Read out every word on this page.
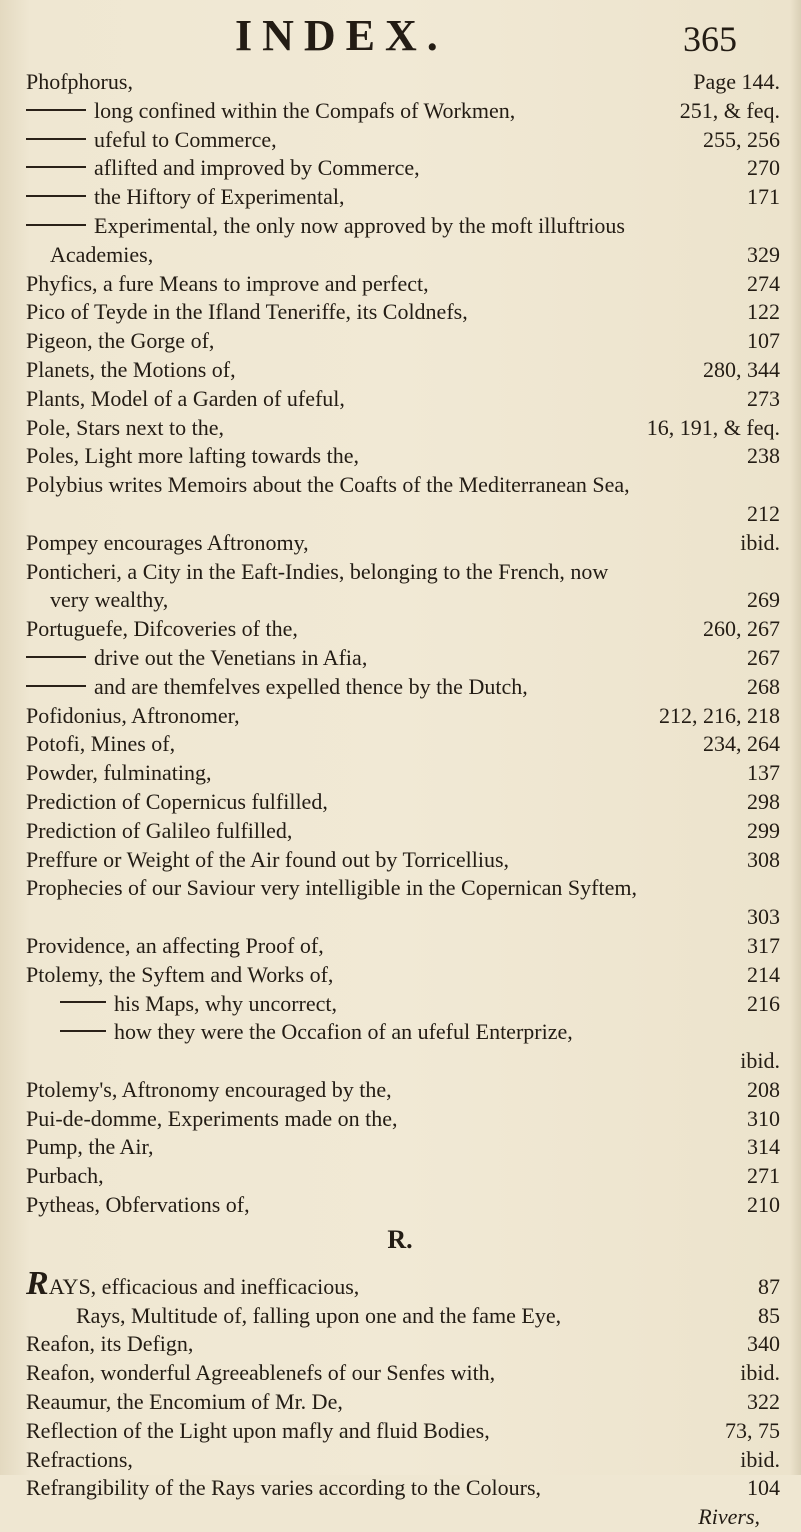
INDEX.	365
Phofphorus,	Page 144.
long confined within the Compafs of Workmen,	251, & feq.
ufeful to Commerce,	255, 256
aflifted and improved by Commerce,	270
the Hiftory of Experimental,	171
Experimental, the only now approved by the moft illuftrious
Academies,	329
Phyfics, a fure Means to improve and perfect,	274
Pico of Teyde in the Ifland Teneriffe, its Coldnefs,	122
Pigeon, the Gorge of,	107
Planets, the Motions of,	280, 344
Plants, Model of a Garden of ufeful,	273
Pole, Stars next to the,	16, 191, & feq.
Poles, Light more lafting towards the,	238
Polybius writes Memoirs about the Coafts of the Mediterranean Sea,
212
Pompey encourages Aftronomy,	ibid.
Ponticheri, a City in the Eaft-Indies, belonging to the French, now
very wealthy,	269
Portuguefe, Difcoveries of the,	260, 267
drive out the Venetians in Afia,	267
and are themfelves expelled thence by the Dutch,	268
Pofidonius, Aftronomer,	212, 216, 218
Potofi, Mines of,	234, 264
Powder, fulminating,	137
Prediction of Copernicus fulfilled,	298
Prediction of Galileo fulfilled,	299
Preffure or Weight of the Air found out by Torricellius,	308
Prophecies of our Saviour very intelligible in the Copernican Syftem,
303
Providence, an affecting Proof of,	317
Ptolemy, the Syftem and Works of,	214
his Maps, why uncorrect,	216
how they were the Occafion of an ufeful Enterprize,
ibid.
Ptolemy's, Aftronomy encouraged by the,	208
Pui-de-domme, Experiments made on the,	310
Pump, the Air,	314
Purbach,	271
Pytheas, Obfervations of,	210
R.
RAYS, efficacious and inefficacious,	87
Rays, Multitude of, falling upon one and the fame Eye,	85
Reafon, its Defign,	340
Reafon, wonderful Agreeablenefs of our Senfes with,	ibid.
Reaumur, the Encomium of Mr. De,	322
Reflection of the Light upon mafly and fluid Bodies,	73, 75
Refractions,	ibid.
Refrangibility of the Rays varies according to the Colours,	104
Rivers,
